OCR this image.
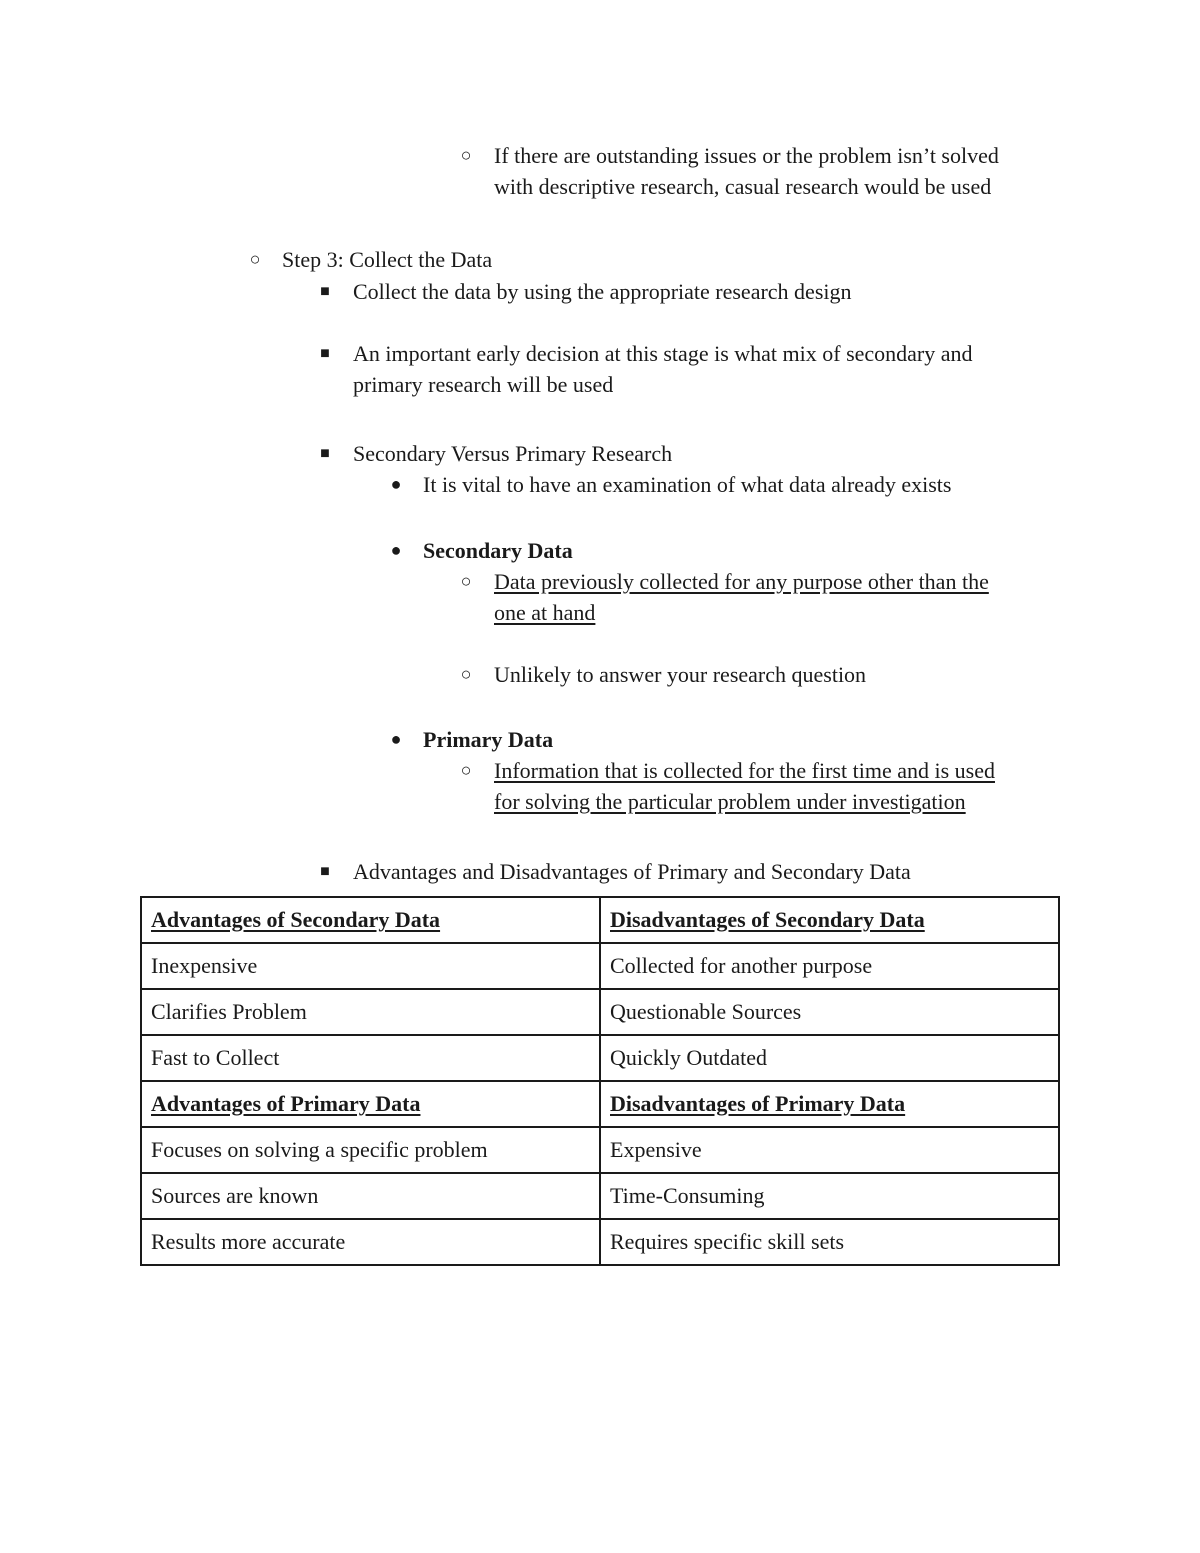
○ If there are outstanding issues or the problem isn’t solved
with descriptive research, casual research would be used
○ Step 3: Collect the Data
■	Collect the data by using the appropriate research design
■	An important early decision at this stage is what mix of secondary and
primary research will be used
■	Secondary Versus Primary Research
● It is vital to have an examination of what data already exists
● Secondary Data
○ Data previously collected for any purpose other than the
one at hand
○ Unlikely to answer your research question
● Primary Data
○ Information that is collected for the first time and is used
for solving the particular problem under investigation
■	Advantages and Disadvantages of Primary and Secondary Data
Advantages of Secondary Data	Disadvantages of Secondary Data
Inexpensive	Collected for another purpose
Clarifies Problem	Questionable Sources
Fast to Collect	Quickly Outdated
Advantages of Primary Data	Disadvantages of Primary Data
Focuses on solving a specific problem	Expensive
Sources are known	Time-Consuming
Results more accurate	Requires specific skill sets
